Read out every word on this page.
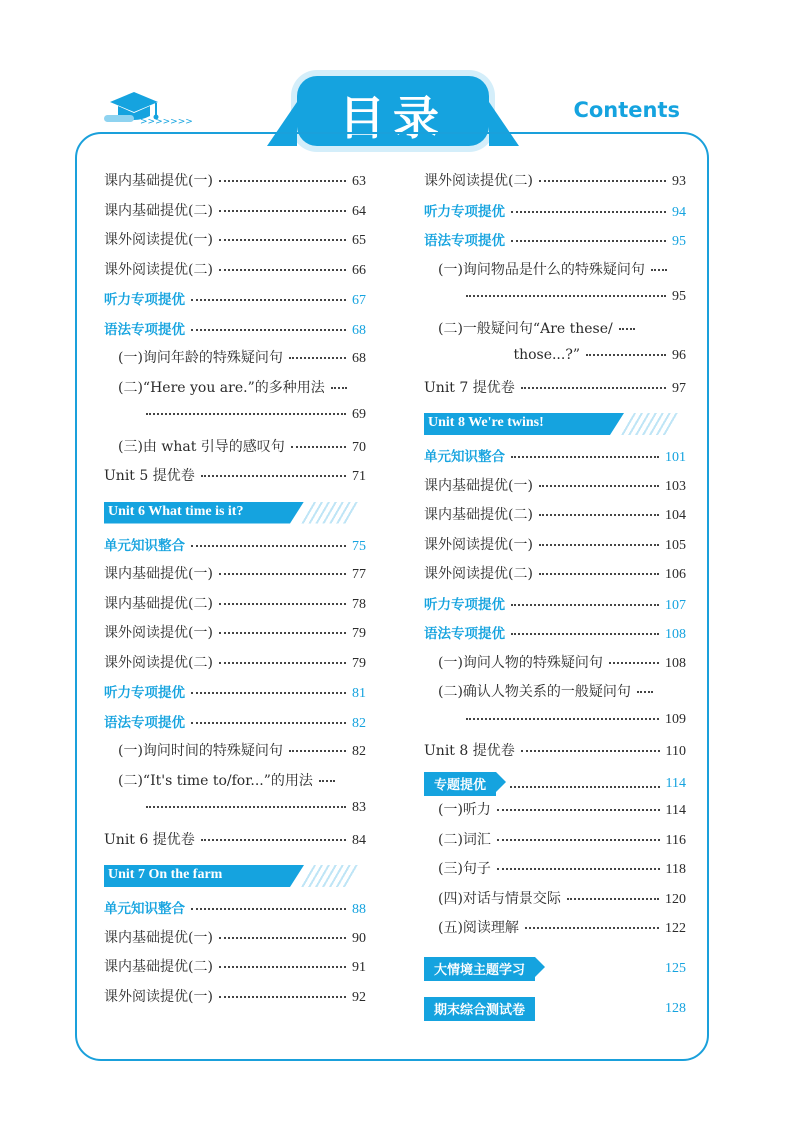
>>>>>>>	目录	Contents
课内基础提优(一)	63
课内基础提优(二)	64
课外阅读提优(一)	65
课外阅读提优(二)	66
听力专项提优	67
语法专项提优	68
(一)询问年龄的特殊疑问句	68
(二)“Here you are.”的多种用法
69
(三)由 what 引导的感叹句	70
Unit 5 提优卷	71
Unit 6 What time is it?
单元知识整合	75
课内基础提优(一)	77
课内基础提优(二)	78
课外阅读提优(一)	79
课外阅读提优(二)	79
听力专项提优	81
语法专项提优	82
(一)询问时间的特殊疑问句	82
(二)“It's time to/for...”的用法
83
Unit 6 提优卷	84
Unit 7 On the farm
单元知识整合	88
课内基础提优(一)	90
课内基础提优(二)	91
课外阅读提优(一)	92
课外阅读提优(二)	93
听力专项提优	94
语法专项提优	95
(一)询问物品是什么的特殊疑问句
95
(二)一般疑问句“Are these/
those...?”	96
Unit 7 提优卷	97
Unit 8 We're twins!
单元知识整合	101
课内基础提优(一)	103
课内基础提优(二)	104
课外阅读提优(一)	105
课外阅读提优(二)	106
听力专项提优	107
语法专项提优	108
(一)询问人物的特殊疑问句	108
(二)确认人物关系的一般疑问句
109
Unit 8 提优卷	110
专题提优	114
(一)听力	114
(二)词汇	116
(三)句子	118
(四)对话与情景交际	120
(五)阅读理解	122
大情境主题学习	125
期末综合测试卷	128
